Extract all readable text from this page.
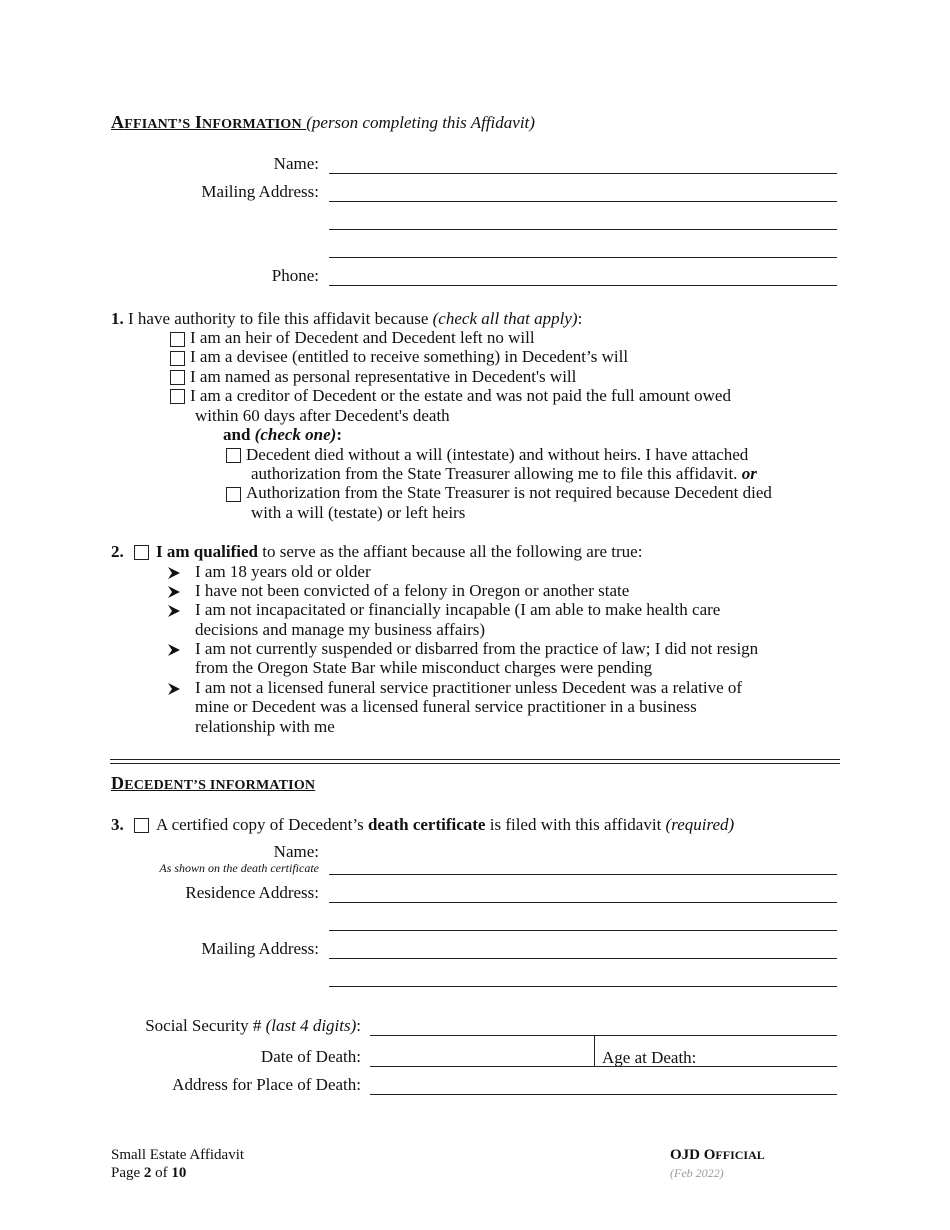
AFFIANT’S INFORMATION (person completing this Affidavit)
Name:
Mailing Address:
Phone:
1. I have authority to file this affidavit because (check all that apply):
I am an heir of Decedent and Decedent left no will
I am a devisee (entitled to receive something) in Decedent’s will
I am named as personal representative in Decedent's will
I am a creditor of Decedent or the estate and was not paid the full amount owed
within 60 days after Decedent's death
and (check one):
Decedent died without a will (intestate) and without heirs. I have attached
authorization from the State Treasurer allowing me to file this affidavit. or
Authorization from the State Treasurer is not required because Decedent died
with a will (testate) or left heirs
2. I am qualified to serve as the affiant because all the following are true:
I am 18 years old or older
I have not been convicted of a felony in Oregon or another state
I am not incapacitated or financially incapable (I am able to make health care
decisions and manage my business affairs)
I am not currently suspended or disbarred from the practice of law; I did not resign
from the Oregon State Bar while misconduct charges were pending
I am not a licensed funeral service practitioner unless Decedent was a relative of
mine or Decedent was a licensed funeral service practitioner in a business
relationship with me
DECEDENT’S INFORMATION
3. A certified copy of Decedent’s death certificate is filed with this affidavit (required)
Name:
As shown on the death certificate
Residence Address:
Mailing Address:
Social Security # (last 4 digits):
Date of Death:	Age at Death:
Address for Place of Death:
Small Estate Affidavit
Page 2 of 10
OJD OFFICIAL
(Feb 2022)
